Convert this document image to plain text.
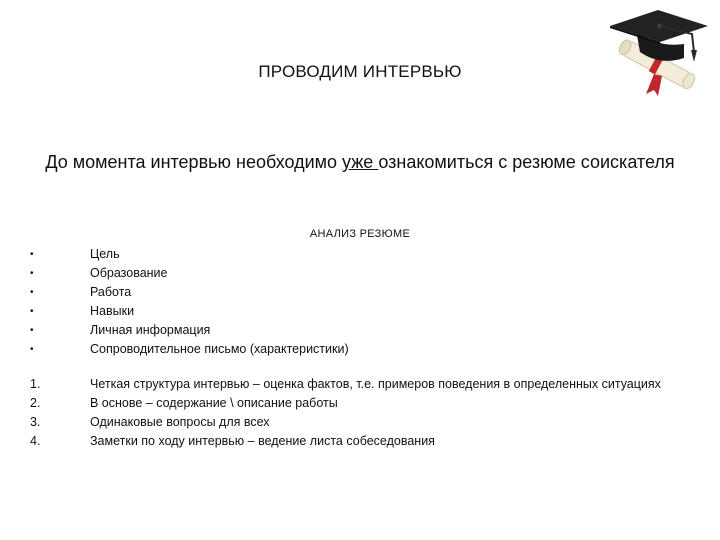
ПРОВОДИМ ИНТЕРВЬЮ
До момента интервью необходимо уже ознакомиться с резюме соискателя
АНАЛИЗ РЕЗЮМЕ
•	Цель
•	Образование
•	Работа
•	Навыки
•	Личная информация
•	Сопроводительное письмо (характеристики)
1.	Четкая структура интервью – оценка фактов, т.е. примеров поведения в определенных ситуациях
2.	В основе – содержание \ описание работы
3.	Одинаковые вопросы для всех
4.	Заметки по ходу интервью – ведение листа собеседования
